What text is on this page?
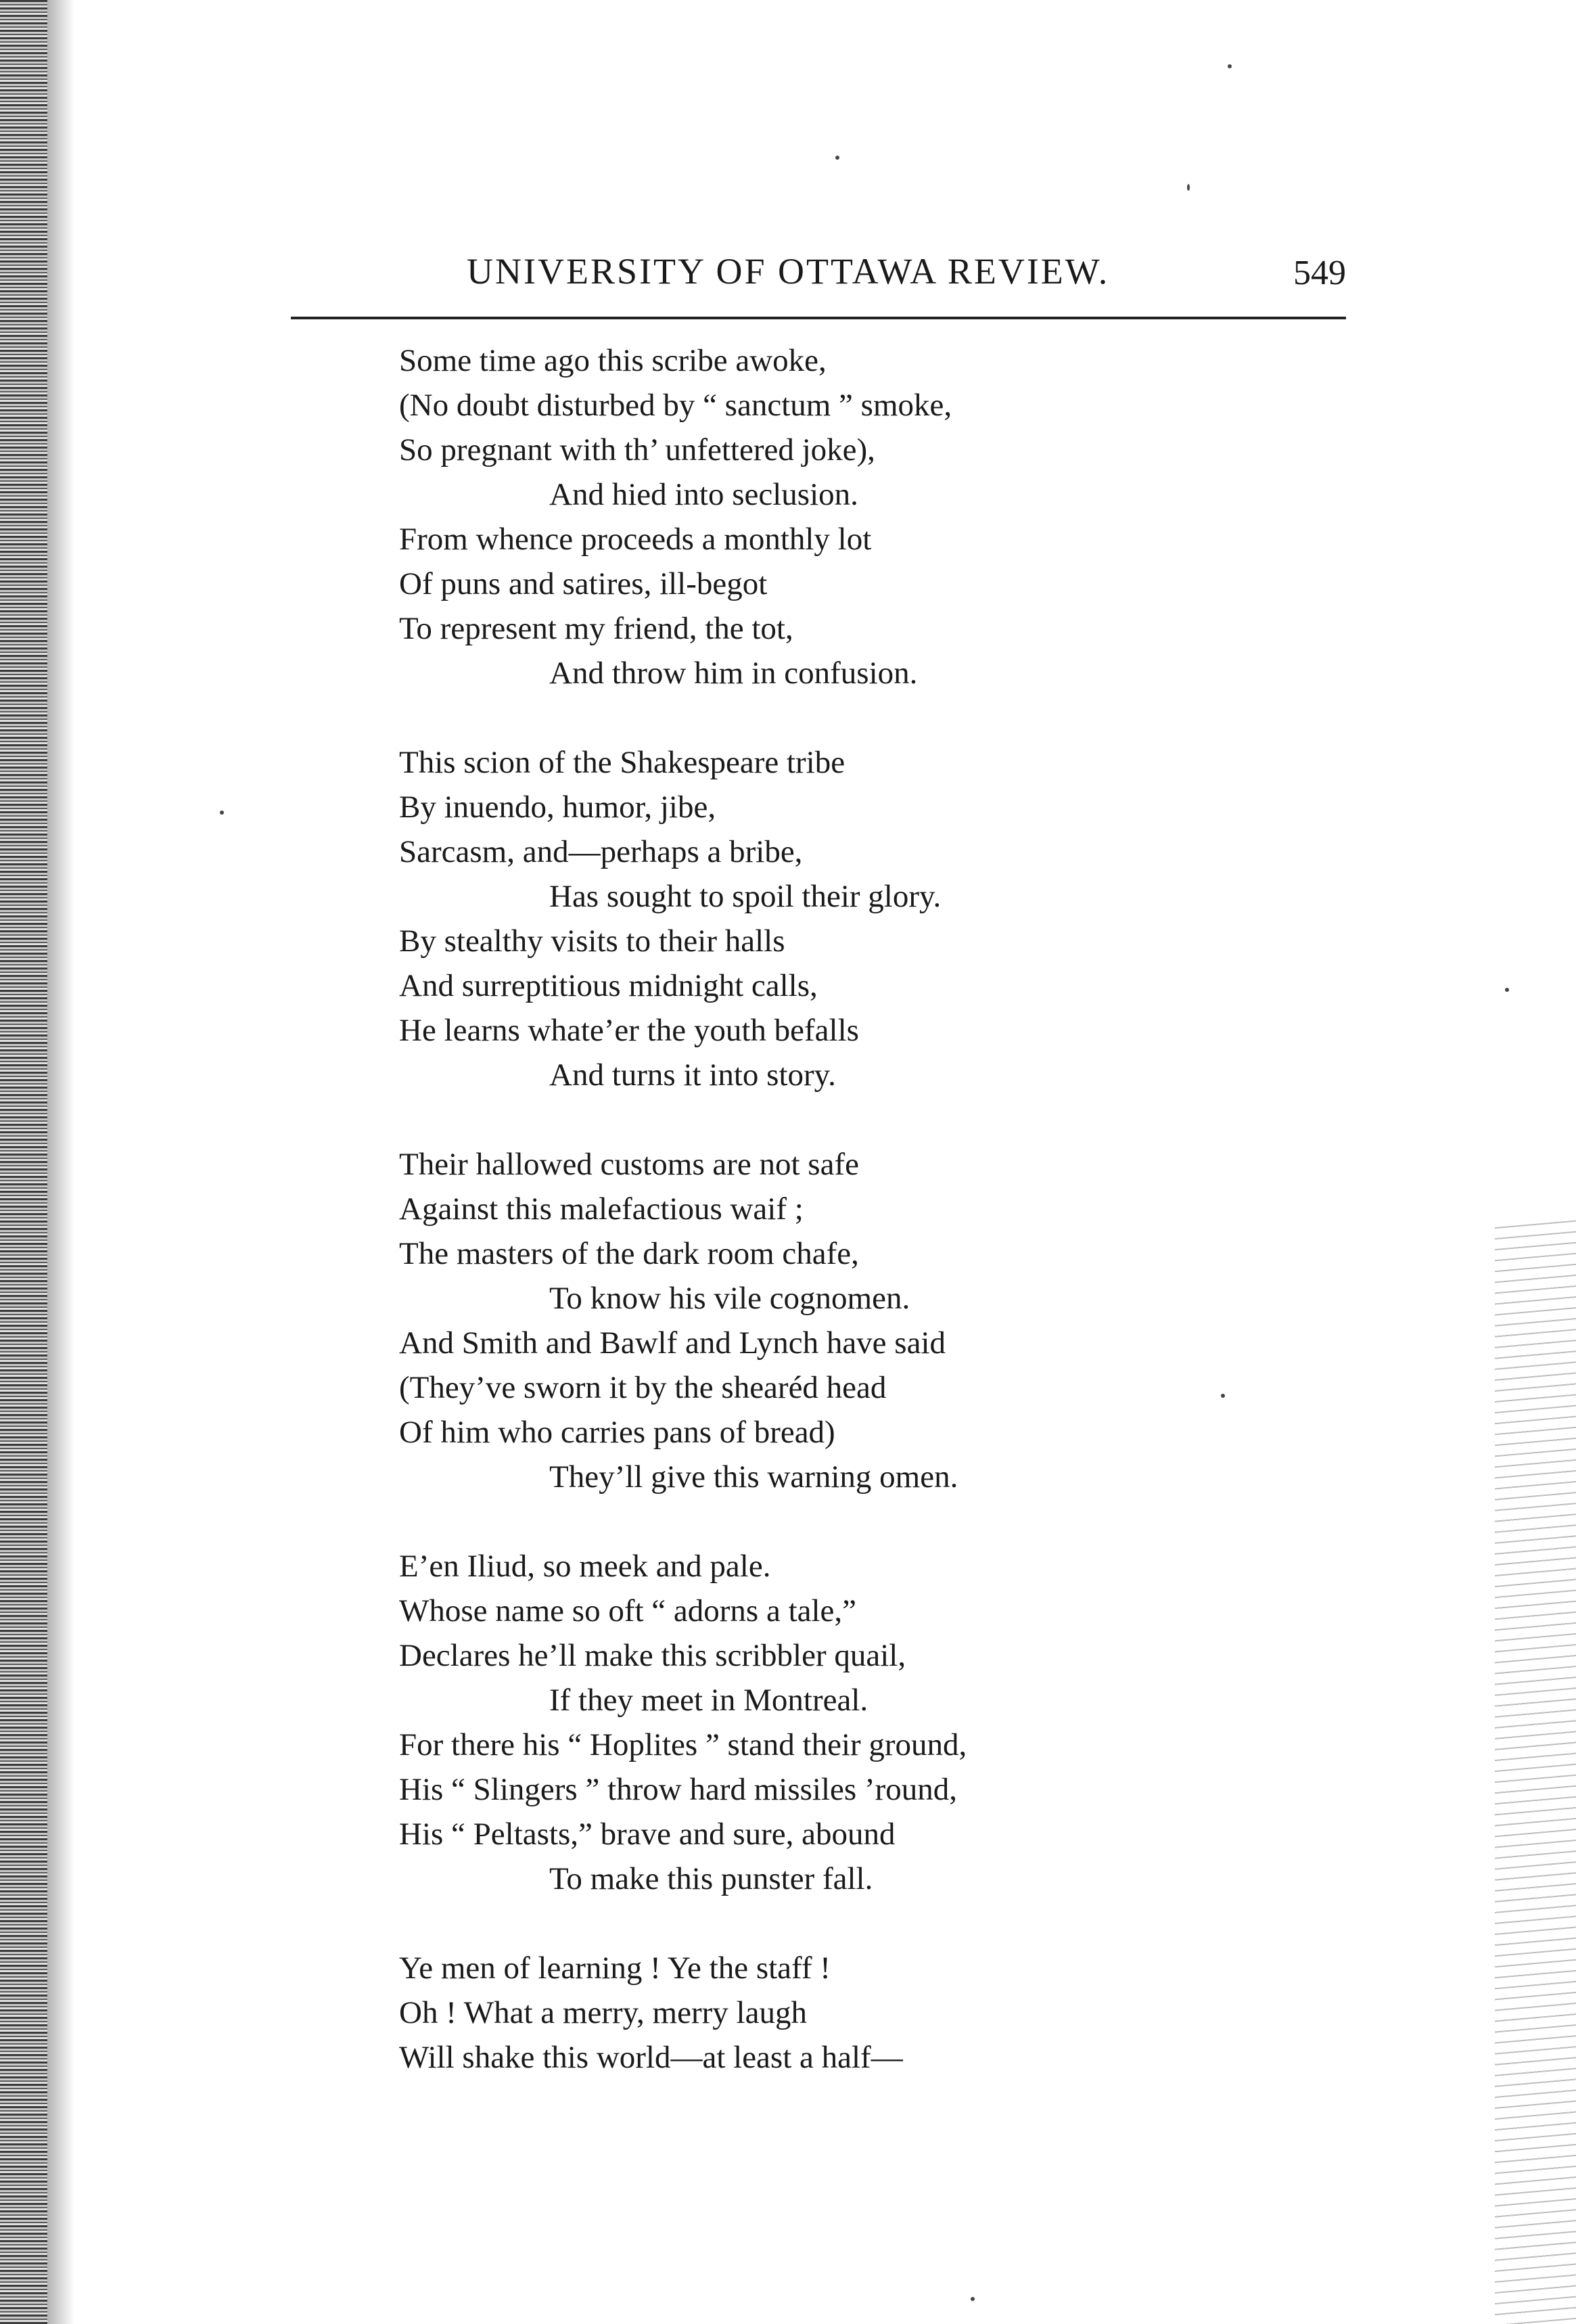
UNIVERSITY OF OTTAWA REVIEW.	549
Some time ago this scribe awoke,
(No doubt disturbed by “ sanctum ” smoke,
So pregnant with th’ unfettered joke),
And hied into seclusion.
From whence proceeds a monthly lot
Of puns and satires, ill-begot
To represent my friend, the tot,
And throw him in confusion.
This scion of the Shakespeare tribe
By inuendo, humor, jibe,
Sarcasm, and—perhaps a bribe,
Has sought to spoil their glory.
By stealthy visits to their halls
And surreptitious midnight calls,
He learns whate’er the youth befalls
And turns it into story.
Their hallowed customs are not safe
Against this malefactious waif ;
The masters of the dark room chafe,
To know his vile cognomen.
And Smith and Bawlf and Lynch have said
(They’ve sworn it by the shearéd head
Of him who carries pans of bread)
They’ll give this warning omen.
E’en Iliud, so meek and pale.
Whose name so oft “ adorns a tale,”
Declares he’ll make this scribbler quail,
If they meet in Montreal.
For there his “ Hoplites ” stand their ground,
His “ Slingers ” throw hard missiles ’round,
His “ Peltasts,” brave and sure, abound
To make this punster fall.
Ye men of learning ! Ye the staff !
Oh ! What a merry, merry laugh
Will shake this world—at least a half—
